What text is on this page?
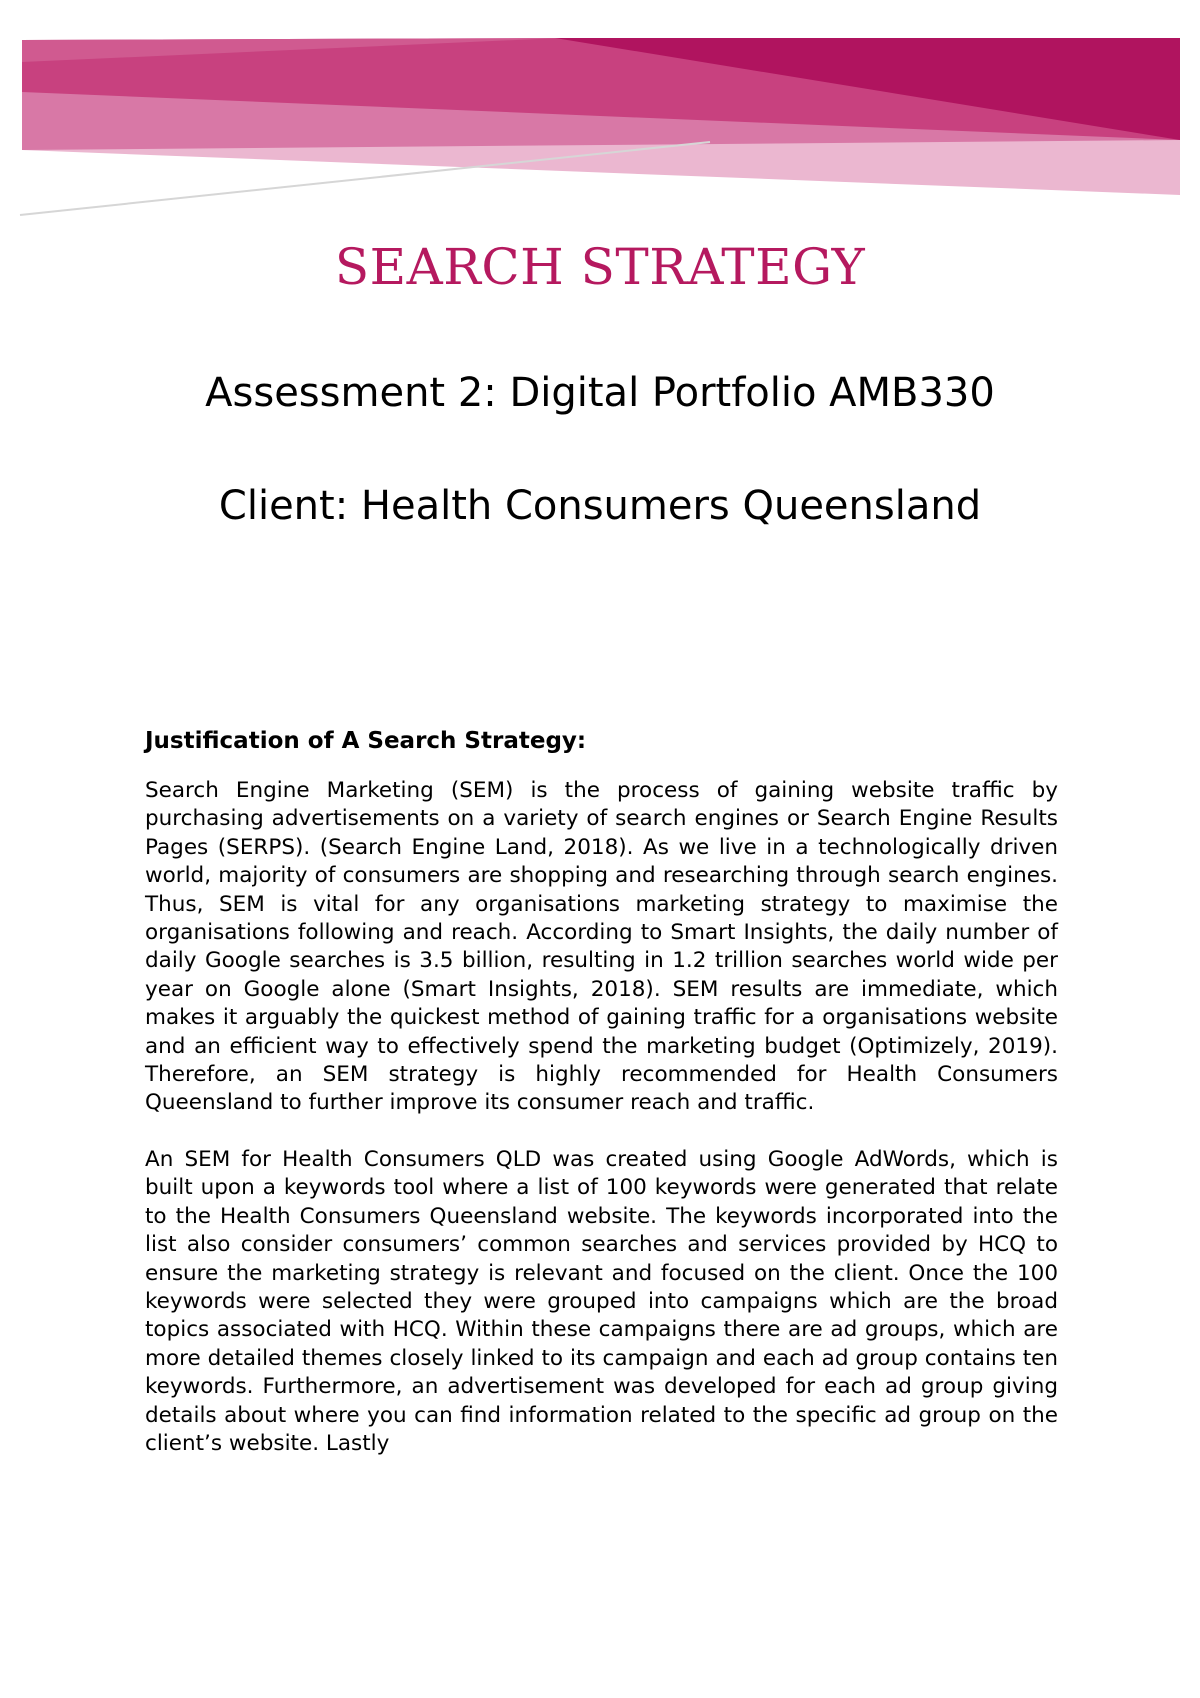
SEARCH STRATEGY
Assessment 2: Digital Portfolio AMB330
Client: Health Consumers Queensland
Justification of A Search Strategy:

Search Engine Marketing (SEM) is the process of gaining website traffic by purchasing advertisements on a variety of search engines or Search Engine Results Pages (SERPS). (Search Engine Land, 2018). As we live in a technologically driven world, majority of consumers are shopping and researching through search engines. Thus, SEM is vital for any organisations marketing strategy to maximise the organisations following and reach. According to Smart Insights, the daily number of daily Google searches is 3.5 billion, resulting in 1.2 trillion searches world wide per year on Google alone (Smart Insights, 2018). SEM results are immediate, which makes it arguably the quickest method of gaining traffic for a organisations website and an efficient way to effectively spend the marketing budget (Optimizely, 2019). Therefore, an SEM strategy is highly recommended for Health Consumers Queensland to further improve its consumer reach and traffic.

An SEM for Health Consumers QLD was created using Google AdWords, which is built upon a keywords tool where a list of 100 keywords were generated that relate to the Health Consumers Queensland website. The keywords incorporated into the list also consider consumers’ common searches and services provided by HCQ to ensure the marketing strategy is relevant and focused on the client. Once the 100 keywords were selected they were grouped into campaigns which are the broad topics associated with HCQ. Within these campaigns there are ad groups, which are more detailed themes closely linked to its campaign and each ad group contains ten keywords. Furthermore, an advertisement was developed for each ad group giving details about where you can find information related to the specific ad group on the client’s website. Lastly
